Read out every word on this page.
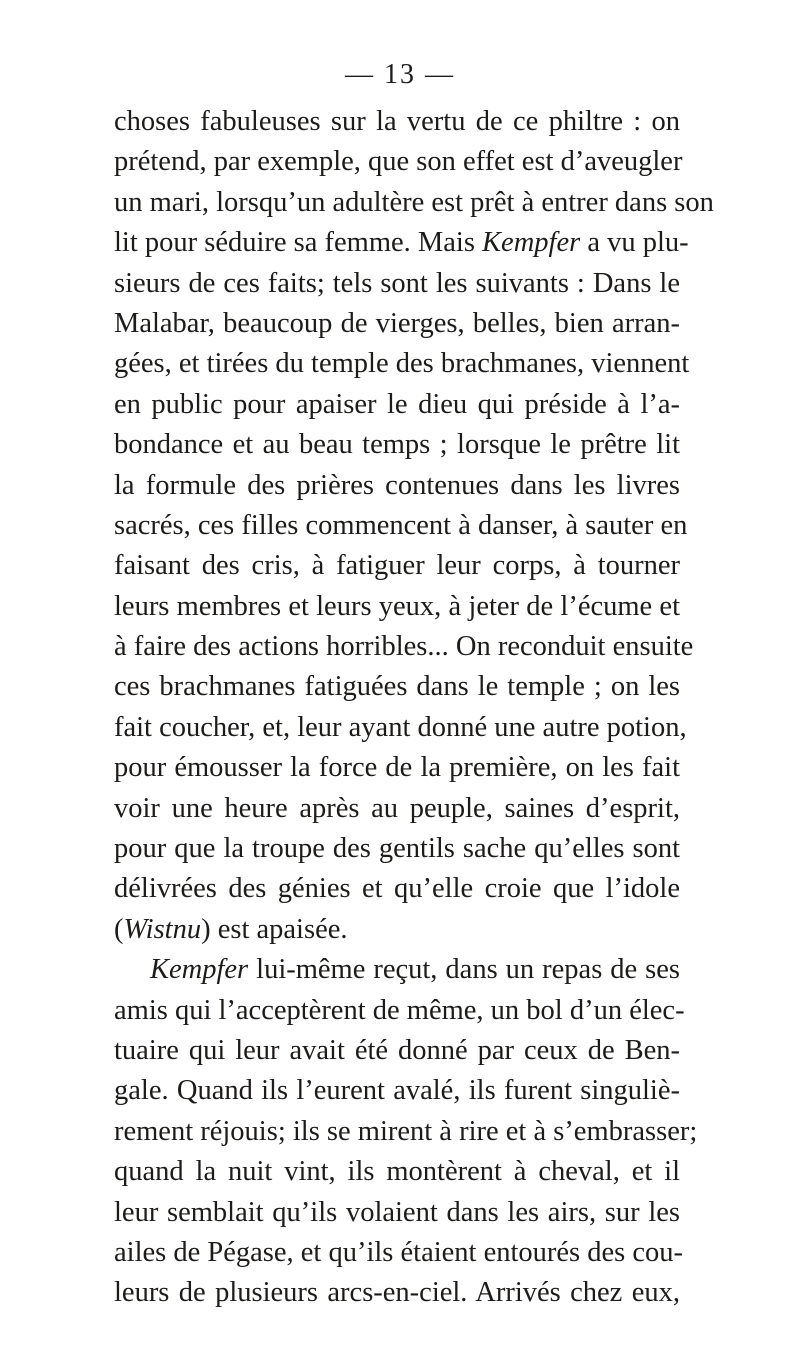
— 13 —
choses fabuleuses sur la vertu de ce philtre : on
prétend, par exemple, que son effet est d’aveugler
un mari, lorsqu’un adultère est prêt à entrer dans son
lit pour séduire sa femme. Mais Kempfer a vu plu-
sieurs de ces faits; tels sont les suivants : Dans le
Malabar, beaucoup de vierges, belles, bien arran-
gées, et tirées du temple des brachmanes, viennent
en public pour apaiser le dieu qui préside à l’a-
bondance et au beau temps ; lorsque le prêtre lit
la formule des prières contenues dans les livres
sacrés, ces filles commencent à danser, à sauter en
faisant des cris, à fatiguer leur corps, à tourner
leurs membres et leurs yeux, à jeter de l’écume et
à faire des actions horribles... On reconduit ensuite
ces brachmanes fatiguées dans le temple ; on les
fait coucher, et, leur ayant donné une autre potion,
pour émousser la force de la première, on les fait
voir une heure après au peuple, saines d’esprit,
pour que la troupe des gentils sache qu’elles sont
délivrées des génies et qu’elle croie que l’idole
(Wistnu) est apaisée.
Kempfer lui-même reçut, dans un repas de ses
amis qui l’acceptèrent de même, un bol d’un élec-
tuaire qui leur avait été donné par ceux de Ben-
gale. Quand ils l’eurent avalé, ils furent singuliè-
rement réjouis; ils se mirent à rire et à s’embrasser;
quand la nuit vint, ils montèrent à cheval, et il
leur semblait qu’ils volaient dans les airs, sur les
ailes de Pégase, et qu’ils étaient entourés des cou-
leurs de plusieurs arcs-en-ciel. Arrivés chez eux,
